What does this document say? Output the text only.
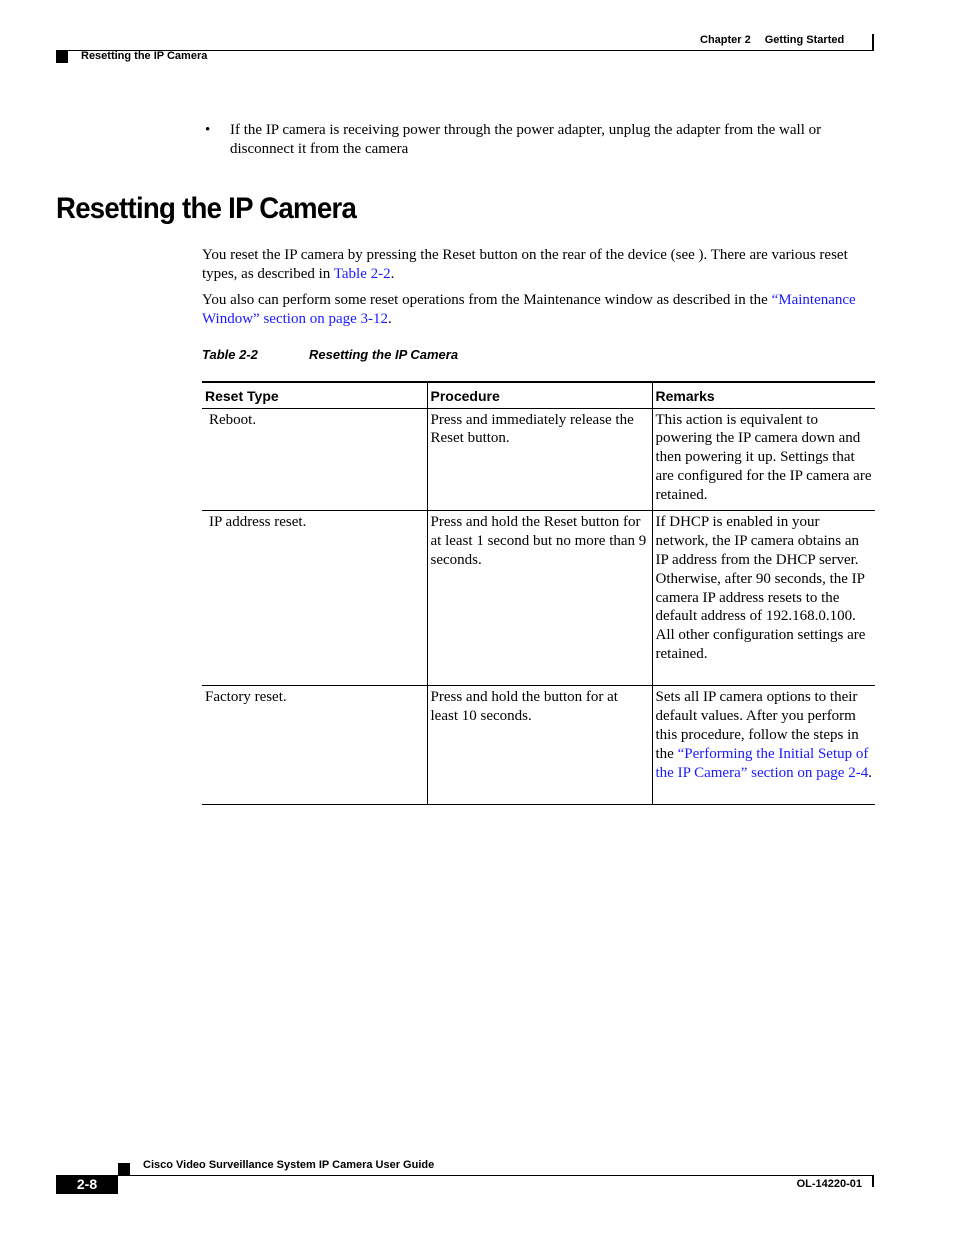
Chapter 2 Getting Started
Resetting the IP Camera
• If the IP camera is receiving power through the power adapter, unplug the adapter from the wall or disconnect it from the camera
Resetting the IP Camera

You reset the IP camera by pressing the Reset button on the rear of the device (see ). There are various reset types, as described in Table 2-2.

You also can perform some reset operations from the Maintenance window as described in the “Maintenance Window” section on page 3-12.

Table 2-2	Resetting the IP Camera
Reset Type	Procedure	Remarks
Reboot.	Press and immediately release the Reset button.	This action is equivalent to powering the IP camera down and then powering it up. Settings that are configured for the IP camera are retained.
IP address reset.	Press and hold the Reset button for at least 1 second but no more than 9 seconds.	If DHCP is enabled in your network, the IP camera obtains an IP address from the DHCP server. Otherwise, after 90 seconds, the IP camera IP address resets to the default address of 192.168.0.100. All other configuration settings are retained.
Factory reset.	Press and hold the button for at least 10 seconds.	Sets all IP camera options to their default values. After you perform this procedure, follow the steps in the “Performing the Initial Setup of the IP Camera” section on page 2-4.
Cisco Video Surveillance System IP Camera User Guide
2-8	OL-14220-01
